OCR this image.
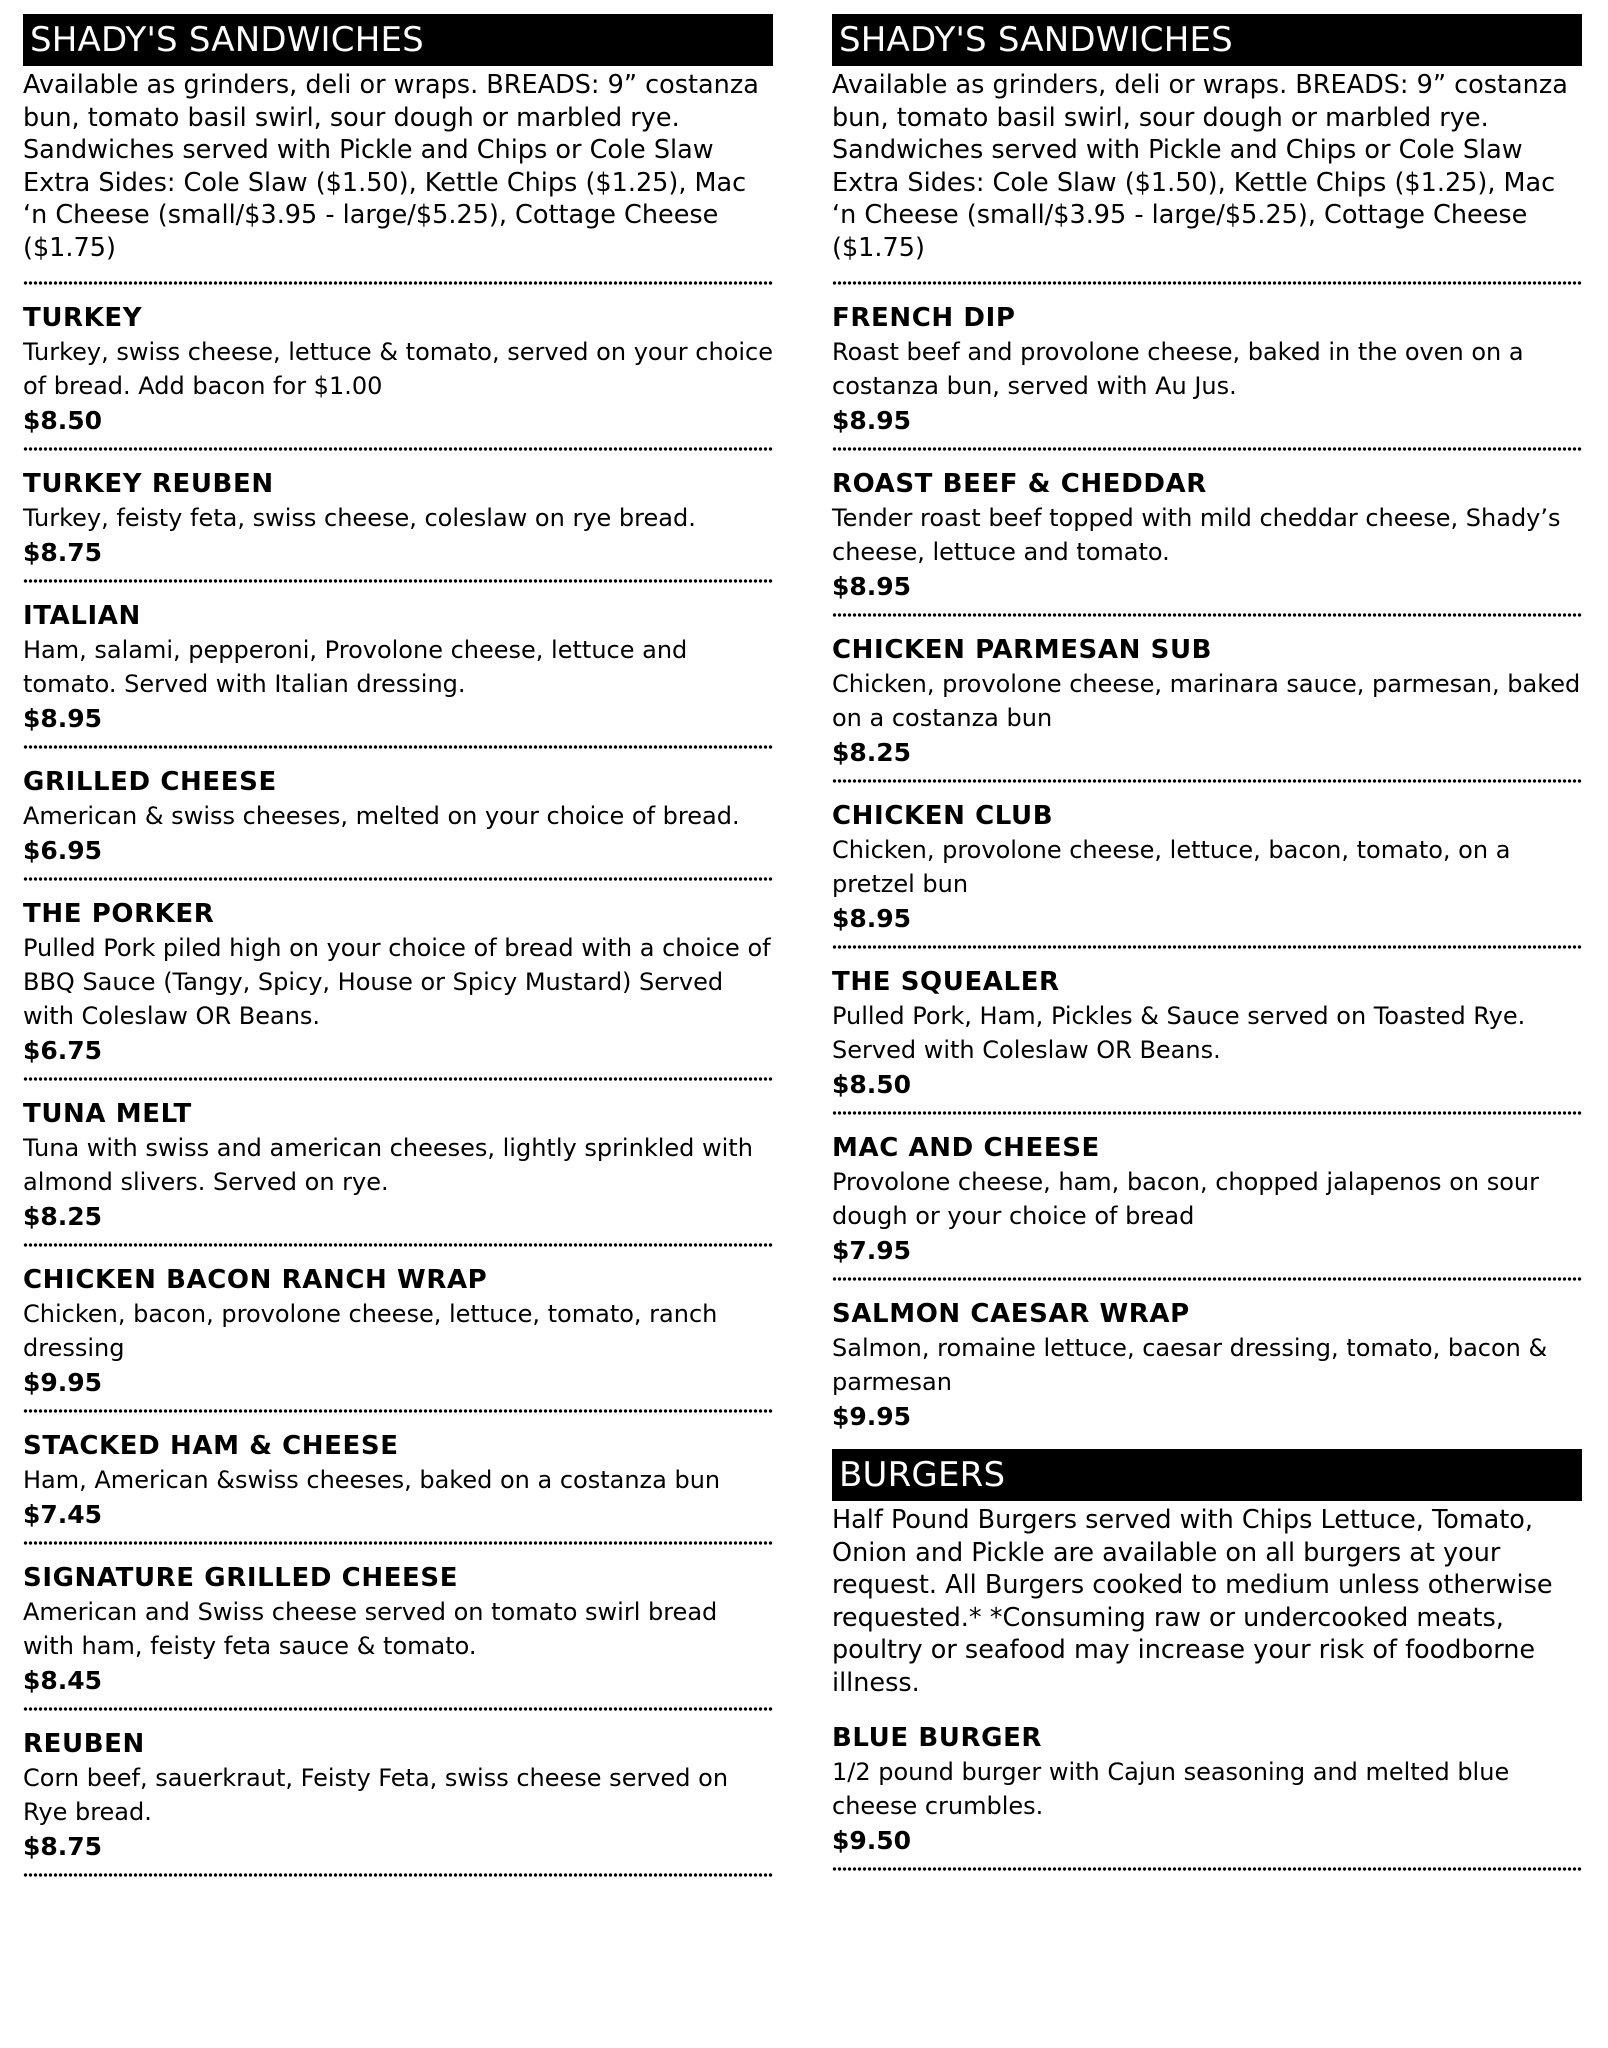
SHADY'S SANDWICHES
Available as grinders, deli or wraps. BREADS: 9” costanza bun, tomato basil swirl, sour dough or marbled rye. Sandwiches served with Pickle and Chips or Cole Slaw Extra Sides: Cole Slaw ($1.50), Kettle Chips ($1.25), Mac ‘n Cheese (small/$3.95 - large/$5.25), Cottage Cheese ($1.75)
TURKEY
Turkey, swiss cheese, lettuce & tomato, served on your choice of bread. Add bacon for $1.00
$8.50
TURKEY REUBEN
Turkey, feisty feta, swiss cheese, coleslaw on rye bread.
$8.75
ITALIAN
Ham, salami, pepperoni, Provolone cheese, lettuce and tomato. Served with Italian dressing.
$8.95
GRILLED CHEESE
American & swiss cheeses, melted on your choice of bread.
$6.95
THE PORKER
Pulled Pork piled high on your choice of bread with a choice of BBQ Sauce (Tangy, Spicy, House or Spicy Mustard) Served with Coleslaw OR Beans.
$6.75
TUNA MELT
Tuna with swiss and american cheeses, lightly sprinkled with almond slivers. Served on rye.
$8.25
CHICKEN BACON RANCH WRAP
Chicken, bacon, provolone cheese, lettuce, tomato, ranch dressing
$9.95
STACKED HAM & CHEESE
Ham, American &swiss cheeses, baked on a costanza bun
$7.45
SIGNATURE GRILLED CHEESE
American and Swiss cheese served on tomato swirl bread with ham, feisty feta sauce & tomato.
$8.45
REUBEN
Corn beef, sauerkraut, Feisty Feta, swiss cheese served on Rye bread.
$8.75
SHADY'S SANDWICHES
Available as grinders, deli or wraps. BREADS: 9” costanza bun, tomato basil swirl, sour dough or marbled rye. Sandwiches served with Pickle and Chips or Cole Slaw Extra Sides: Cole Slaw ($1.50), Kettle Chips ($1.25), Mac ‘n Cheese (small/$3.95 - large/$5.25), Cottage Cheese ($1.75)
FRENCH DIP
Roast beef and provolone cheese, baked in the oven on a costanza bun, served with Au Jus.
$8.95
ROAST BEEF & CHEDDAR
Tender roast beef topped with mild cheddar cheese, Shady’s cheese, lettuce and tomato.
$8.95
CHICKEN PARMESAN SUB
Chicken, provolone cheese, marinara sauce, parmesan, baked on a costanza bun
$8.25
CHICKEN CLUB
Chicken, provolone cheese, lettuce, bacon, tomato, on a pretzel bun
$8.95
THE SQUEALER
Pulled Pork, Ham, Pickles & Sauce served on Toasted Rye. Served with Coleslaw OR Beans.
$8.50
MAC AND CHEESE
Provolone cheese, ham, bacon, chopped jalapenos on sour dough or your choice of bread
$7.95
SALMON CAESAR WRAP
Salmon, romaine lettuce, caesar dressing, tomato, bacon & parmesan
$9.95
BURGERS
Half Pound Burgers served with Chips Lettuce, Tomato, Onion and Pickle are available on all burgers at your request. All Burgers cooked to medium unless otherwise requested.* *Consuming raw or undercooked meats, poultry or seafood may increase your risk of foodborne illness.
BLUE BURGER
1/2 pound burger with Cajun seasoning and melted blue cheese crumbles.
$9.50
